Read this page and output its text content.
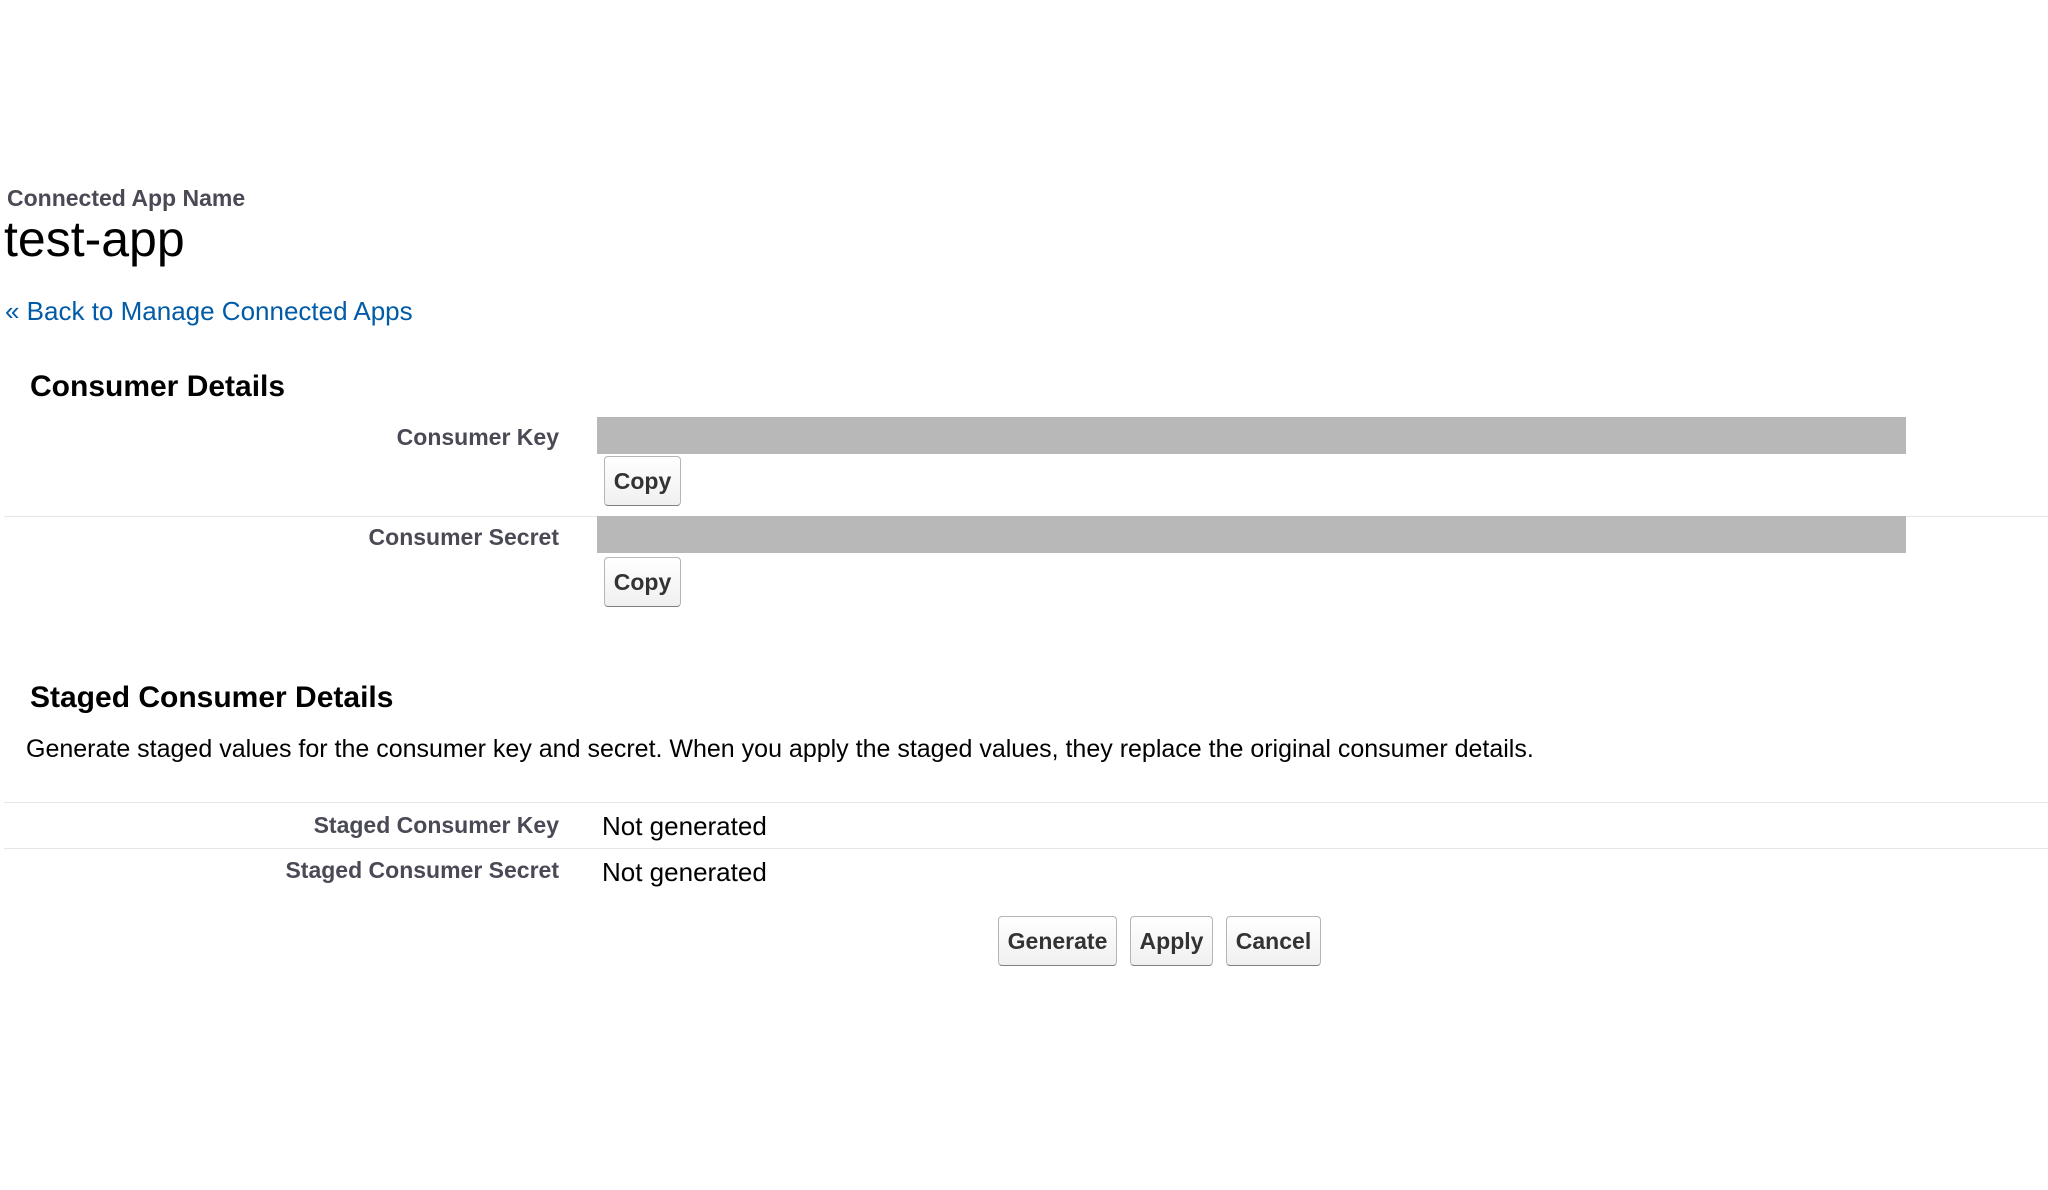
Connected App Name
test-app
« Back to Manage Connected Apps
Consumer Details
Consumer Key
Copy
Consumer Secret
Copy
Staged Consumer Details
Generate staged values for the consumer key and secret. When you apply the staged values, they replace the original consumer details.
Staged Consumer Key Not generated
Staged Consumer Secret Not generated
Generate	Apply	Cancel
